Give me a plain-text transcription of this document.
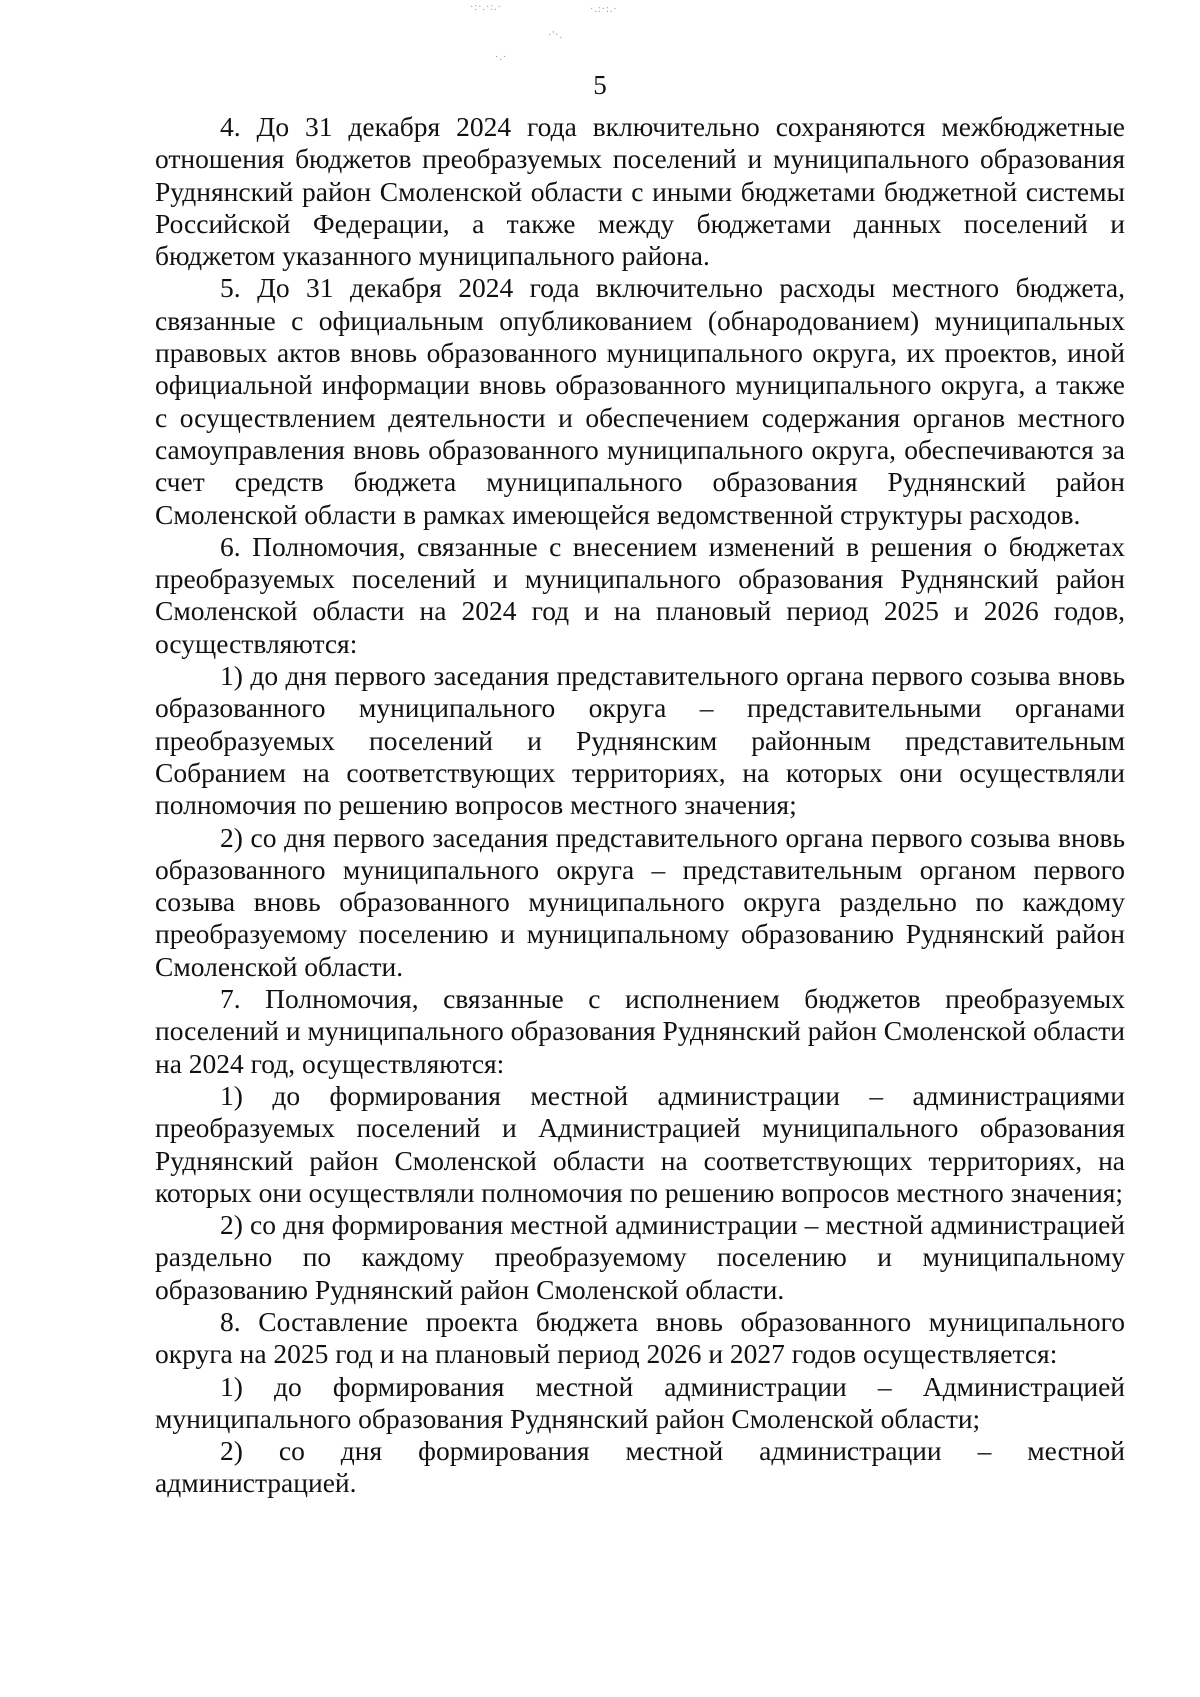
·:·.·:.·	·.:·:.·
·'·.
·.·
5

4. До 31 декабря 2024 года включительно сохраняются межбюджетные отношения бюджетов преобразуемых поселений и муниципального образования Руднянский район Смоленской области с иными бюджетами бюджетной системы Российской Федерации, а также между бюджетами данных поселений и бюджетом указанного муниципального района.

5. До 31 декабря 2024 года включительно расходы местного бюджета, связанные с официальным опубликованием (обнародованием) муниципальных правовых актов вновь образованного муниципального округа, их проектов, иной официальной информации вновь образованного муниципального округа, а также с осуществлением деятельности и обеспечением содержания органов местного самоуправления вновь образованного муниципального округа, обеспечиваются за счет средств бюджета муниципального образования Руднянский район Смоленской области в рамках имеющейся ведомственной структуры расходов.

6. Полномочия, связанные с внесением изменений в решения о бюджетах преобразуемых поселений и муниципального образования Руднянский район Смоленской области на 2024 год и на плановый период 2025 и 2026 годов, осуществляются:

1) до дня первого заседания представительного органа первого созыва вновь образованного муниципального округа – представительными органами преобразуемых поселений и Руднянским районным представительным Собранием на соответствующих территориях, на которых они осуществляли полномочия по решению вопросов местного значения;

2) со дня первого заседания представительного органа первого созыва вновь образованного муниципального округа – представительным органом первого созыва вновь образованного муниципального округа раздельно по каждому преобразуемому поселению и муниципальному образованию Руднянский район Смоленской области.

7. Полномочия, связанные с исполнением бюджетов преобразуемых поселений и муниципального образования Руднянский район Смоленской области на 2024 год, осуществляются:

1) до формирования местной администрации – администрациями преобразуемых поселений и Администрацией муниципального образования Руднянский район Смоленской области на соответствующих территориях, на которых они осуществляли полномочия по решению вопросов местного значения;

2) со дня формирования местной администрации – местной администрацией раздельно по каждому преобразуемому поселению и муниципальному образованию Руднянский район Смоленской области.

8. Составление проекта бюджета вновь образованного муниципального округа на 2025 год и на плановый период 2026 и 2027 годов осуществляется:

1) до формирования местной администрации – Администрацией муниципального образования Руднянский район Смоленской области;

2) со дня формирования местной администрации – местной администрацией.
